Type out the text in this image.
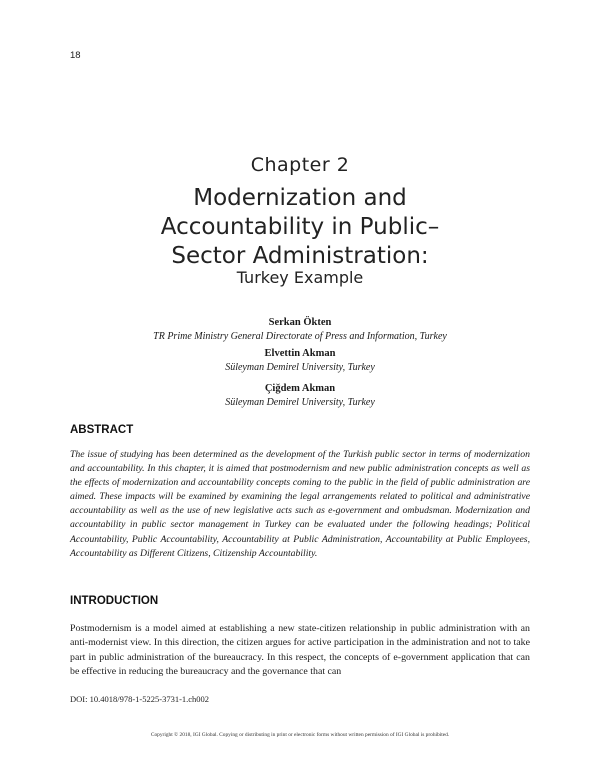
18
Chapter 2
Modernization and
Accountability in Public–
Sector Administration:
Turkey Example
Serkan Ökten
TR Prime Ministry General Directorate of Press and Information, Turkey
Elvettin Akman
Süleyman Demirel University, Turkey
Çiğdem Akman
Süleyman Demirel University, Turkey
ABSTRACT
The issue of studying has been determined as the development of the Turkish public sector in terms of modernization and accountability. In this chapter, it is aimed that postmodernism and new public administration concepts as well as the effects of modernization and accountability concepts coming to the public in the field of public administration are aimed. These impacts will be examined by examining the legal arrangements related to political and administrative accountability as well as the use of new legislative acts such as e-government and ombudsman. Modernization and accountability in public sector management in Turkey can be evaluated under the following headings; Political Accountability, Public Accountability, Accountability at Public Administration, Accountability at Public Employees, Accountability as Different Citizens, Citizenship Accountability.
INTRODUCTION
Postmodernism is a model aimed at establishing a new state-citizen relationship in public administration with an anti-modernist view. In this direction, the citizen argues for active participation in the administration and not to take part in public administration of the bureaucracy. In this respect, the concepts of e-government application that can be effective in reducing the bureaucracy and the governance that can
DOI: 10.4018/978-1-5225-3731-1.ch002
Copyright © 2018, IGI Global. Copying or distributing in print or electronic forms without written permission of IGI Global is prohibited.
